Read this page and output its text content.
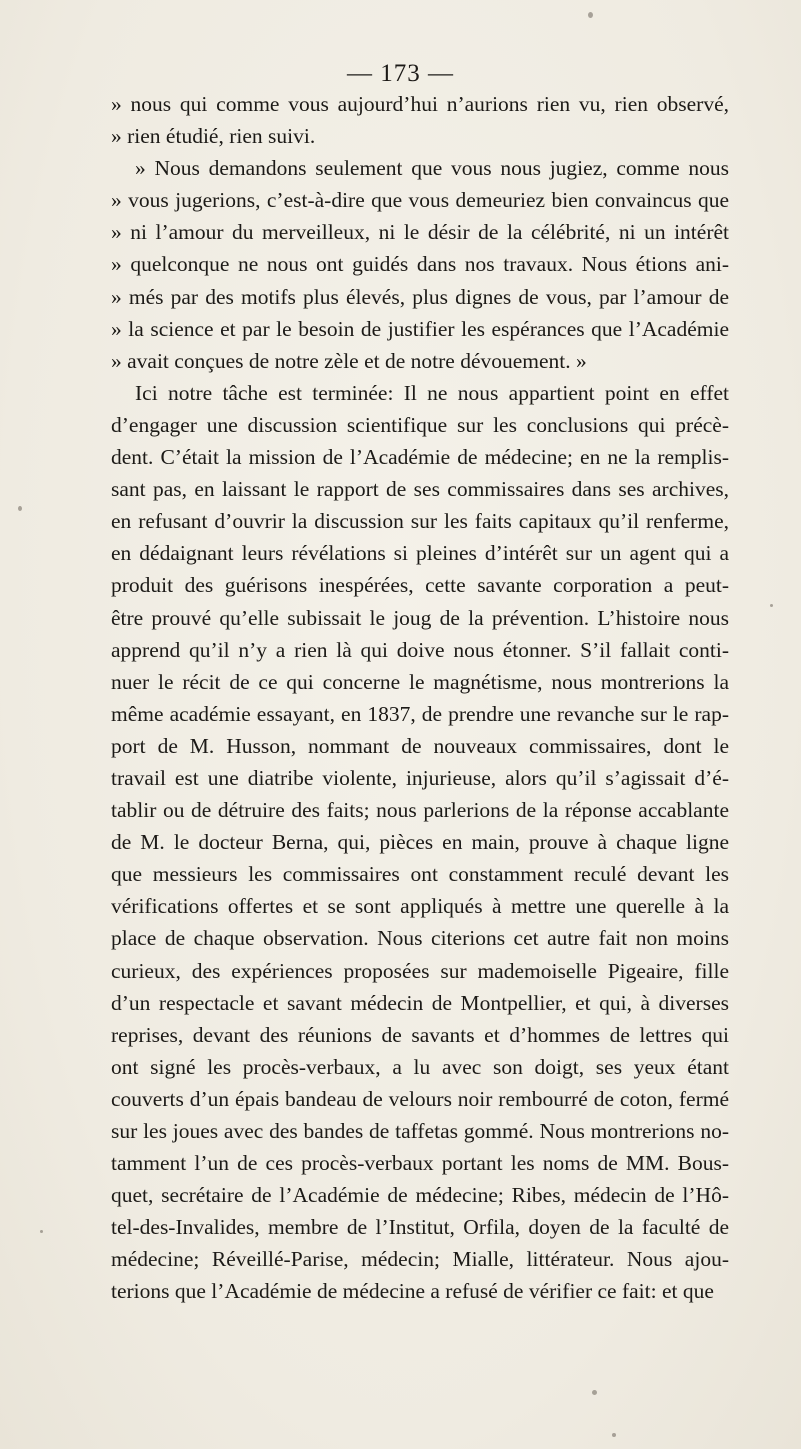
— 173 —
» nous qui comme vous aujourd’hui n’aurions rien vu, rien observé,
» rien étudié, rien suivi.
» Nous demandons seulement que vous nous jugiez, comme nous
» vous jugerions, c’est-à-dire que vous demeuriez bien convaincus que
» ni l’amour du merveilleux, ni le désir de la célébrité, ni un intérêt
» quelconque ne nous ont guidés dans nos travaux. Nous étions ani-
» més par des motifs plus élevés, plus dignes de vous, par l’amour de
» la science et par le besoin de justifier les espérances que l’Académie
» avait conçues de notre zèle et de notre dévouement. »
Ici notre tâche est terminée: Il ne nous appartient point en effet
d’engager une discussion scientifique sur les conclusions qui précè-
dent. C’était la mission de l’Académie de médecine; en ne la remplis-
sant pas, en laissant le rapport de ses commissaires dans ses archives,
en refusant d’ouvrir la discussion sur les faits capitaux qu’il renferme,
en dédaignant leurs révélations si pleines d’intérêt sur un agent qui a
produit des guérisons inespérées, cette savante corporation a peut-
être prouvé qu’elle subissait le joug de la prévention. L’histoire nous
apprend qu’il n’y a rien là qui doive nous étonner. S’il fallait conti-
nuer le récit de ce qui concerne le magnétisme, nous montrerions la
même académie essayant, en 1837, de prendre une revanche sur le rap-
port de M. Husson, nommant de nouveaux commissaires, dont le
travail est une diatribe violente, injurieuse, alors qu’il s’agissait d’é-
tablir ou de détruire des faits; nous parlerions de la réponse accablante
de M. le docteur Berna, qui, pièces en main, prouve à chaque ligne
que messieurs les commissaires ont constamment reculé devant les
vérifications offertes et se sont appliqués à mettre une querelle à la
place de chaque observation. Nous citerions cet autre fait non moins
curieux, des expériences proposées sur mademoiselle Pigeaire, fille
d’un respectacle et savant médecin de Montpellier, et qui, à diverses
reprises, devant des réunions de savants et d’hommes de lettres qui
ont signé les procès-verbaux, a lu avec son doigt, ses yeux étant
couverts d’un épais bandeau de velours noir rembourré de coton, fermé
sur les joues avec des bandes de taffetas gommé. Nous montrerions no-
tamment l’un de ces procès-verbaux portant les noms de MM. Bous-
quet, secrétaire de l’Académie de médecine; Ribes, médecin de l’Hô-
tel-des-Invalides, membre de l’Institut, Orfila, doyen de la faculté de
médecine; Réveillé-Parise, médecin; Mialle, littérateur. Nous ajou-
terions que l’Académie de médecine a refusé de vérifier ce fait: et que
